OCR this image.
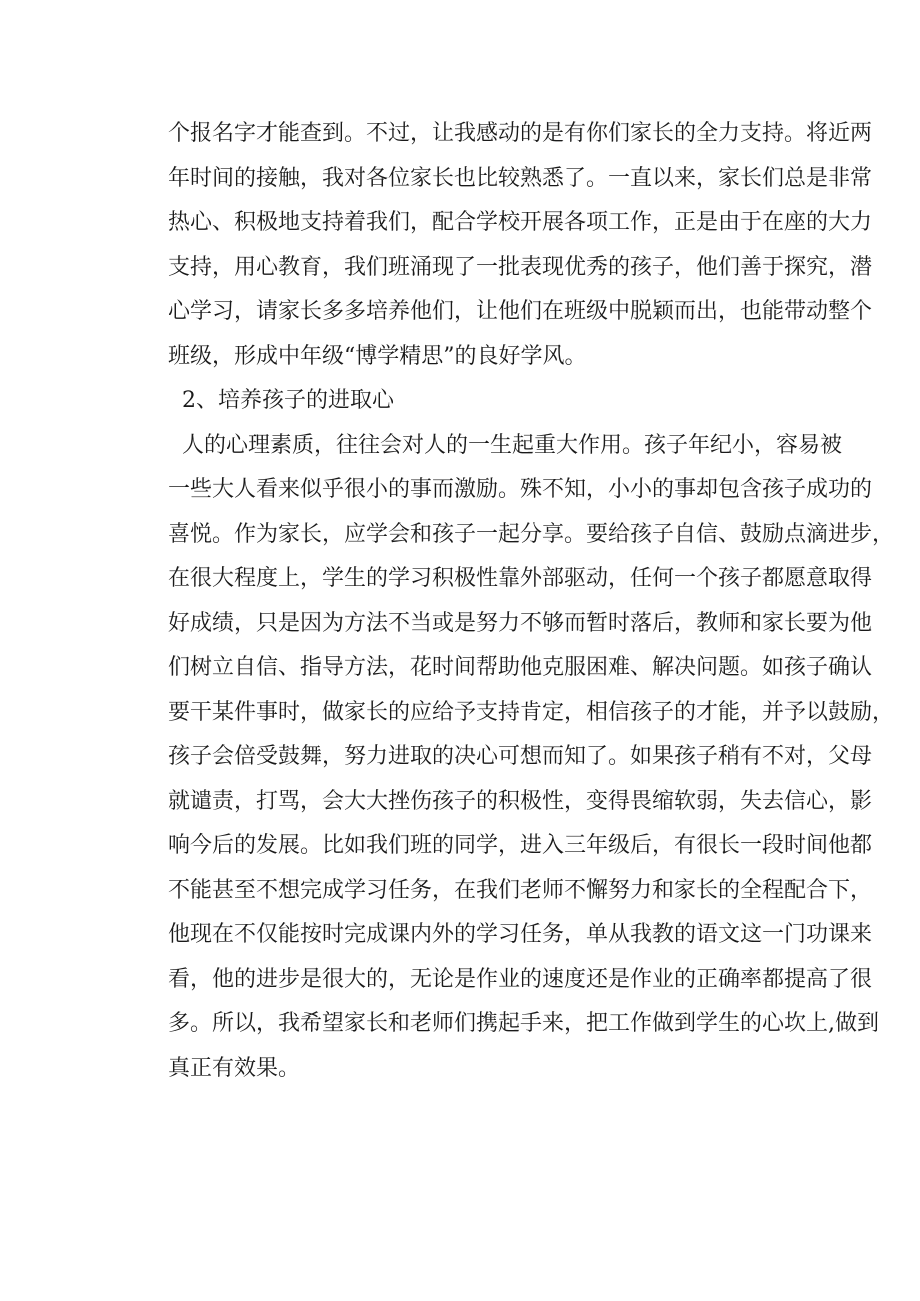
个报名字才能查到。不过，让我感动的是有你们家长的全力支持。将近两
年时间的接触，我对各位家长也比较熟悉了。一直以来，家长们总是非常
热心、积极地支持着我们，配合学校开展各项工作，正是由于在座的大力
支持，用心教育，我们班涌现了一批表现优秀的孩子，他们善于探究，潜
心学习，请家长多多培养他们，让他们在班级中脱颖而出，也能带动整个
班级，形成中年级“博学精思”的良好学风。
2、培养孩子的进取心
人的心理素质，往往会对人的一生起重大作用。孩子年纪小，容易被
一些大人看来似乎很小的事而激励。殊不知，小小的事却包含孩子成功的
喜悦。作为家长，应学会和孩子一起分享。要给孩子自信、鼓励点滴进步，
在很大程度上，学生的学习积极性靠外部驱动，任何一个孩子都愿意取得
好成绩，只是因为方法不当或是努力不够而暂时落后，教师和家长要为他
们树立自信、指导方法，花时间帮助他克服困难、解决问题。如孩子确认
要干某件事时，做家长的应给予支持肯定，相信孩子的才能，并予以鼓励，
孩子会倍受鼓舞，努力进取的决心可想而知了。如果孩子稍有不对，父母
就谴责，打骂，会大大挫伤孩子的积极性，变得畏缩软弱，失去信心，影
响今后的发展。比如我们班的同学，进入三年级后，有很长一段时间他都
不能甚至不想完成学习任务，在我们老师不懈努力和家长的全程配合下，
他现在不仅能按时完成课内外的学习任务，单从我教的语文这一门功课来
看，他的进步是很大的，无论是作业的速度还是作业的正确率都提高了很
多。所以，我希望家长和老师们携起手来，把工作做到学生的心坎上,做到
真正有效果。
